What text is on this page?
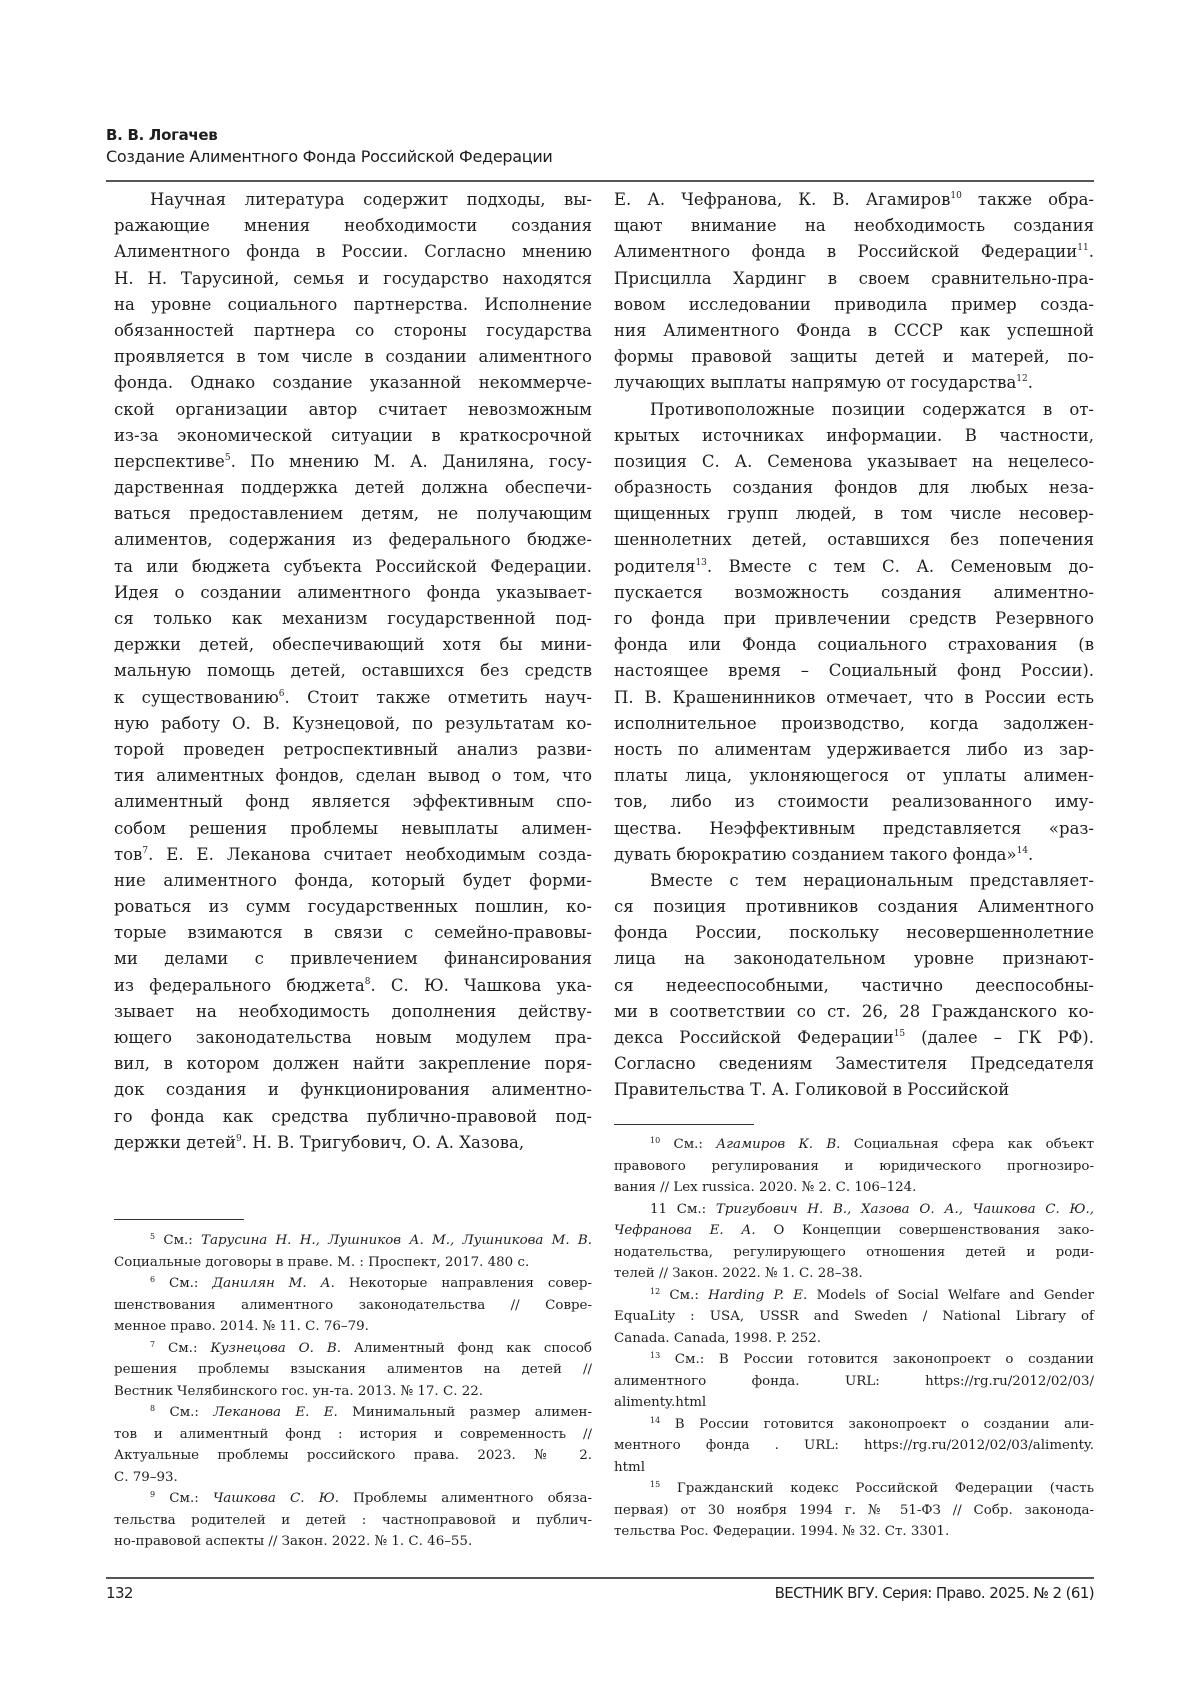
В. В. Логачев
Создание Алиментного Фонда Российской Федерации
Научная литература содержит подходы, вы-
ражающие мнения необходимости создания
Алиментного фонда в России. Согласно мнению
Н. Н. Тарусиной, семья и государство находятся
на уровне социального партнерства. Исполнение
обязанностей партнера со стороны государства
проявляется в том числе в создании алиментного
фонда. Однако создание указанной некоммерче-
ской организации автор считает невозможным
из-за экономической ситуации в краткосрочной
перспективе$^5$. По мнению М. А. Даниляна, госу-
дарственная поддержка детей должна обеспечи-
ваться предоставлением детям, не получающим
алиментов, содержания из федерального бюдже-
та или бюджета субъекта Российской Федерации.
Идея о создании алиментного фонда указывает-
ся только как механизм государственной под-
держки детей, обеспечивающий хотя бы мини-
мальную помощь детей, оставшихся без средств
к существованию$^6$. Стоит также отметить науч-
ную работу О. В. Кузнецовой, по результатам ко-
торой проведен ретроспективный анализ разви-
тия алиментных фондов, сделан вывод о том, что
алиментный фонд является эффективным спо-
собом решения проблемы невыплаты алимен-
тов$^7$. Е. Е. Леканова считает необходимым созда-
ние алиментного фонда, который будет форми-
роваться из сумм государственных пошлин, ко-
торые взимаются в связи с семейно-правовы-
ми делами с привлечением финансирования
из федерального бюджета$^8$. С. Ю. Чашкова ука-
зывает на необходимость дополнения действу-
ющего законодательства новым модулем пра-
вил, в котором должен найти закрепление поря-
док создания и функционирования алиментно-
го фонда как средства публично-правовой под-
держки детей$^9$. Н. В. Тригубович, О. А. Хазова,
Е. А. Чефранова, К. В. Агамиров$^{10}$ также обра-
щают внимание на необходимость создания
Алиментного фонда в Российской Федерации$^{11}$.
Присцилла Хардинг в своем сравнительно-пра-
вовом исследовании приводила пример созда-
ния Алиментного Фонда в СССР как успешной
формы правовой защиты детей и матерей, по-
лучающих выплаты напрямую от государства$^{12}$.
Противоположные позиции содержатся в от-
крытых источниках информации. В частности,
позиция С. А. Семенова указывает на нецелесо-
образность создания фондов для любых неза-
щищенных групп людей, в том числе несовер-
шеннолетних детей, оставшихся без попечения
родителя$^{13}$. Вместе с тем С. А. Семеновым до-
пускается возможность создания алиментно-
го фонда при привлечении средств Резервного
фонда или Фонда социального страхования (в
настоящее время – Социальный фонд России).
П. В. Крашенинников отмечает, что в России есть
исполнительное производство, когда задолжен-
ность по алиментам удерживается либо из зар-
платы лица, уклоняющегося от уплаты алимен-
тов, либо из стоимости реализованного иму-
щества. Неэффективным представляется «раз-
дувать бюрократию созданием такого фонда»$^{14}$.
Вместе с тем нерациональным представляет-
ся позиция противников создания Алиментного
фонда России, поскольку несовершеннолетние
лица на законодательном уровне признают-
ся недееспособными, частично дееспособны-
ми в соответствии со ст. 26, 28 Гражданского ко-
декса Российской Федерации$^{15}$ (далее – ГК РФ).
Согласно сведениям Заместителя Председателя
Правительства Т. А. Голиковой в Российской
$^5$ См.: Тарусина Н. Н., Лушников А. М., Лушникова М. В.
Социальные договоры в праве. М. : Проспект, 2017. 480 с.
$^6$ См.: Данилян М. А. Некоторые направления совер-
шенствования алиментного законодательства // Совре-
менное право. 2014. № 11. С. 76–79.
$^7$ См.: Кузнецова О. В. Алиментный фонд как способ
решения проблемы взыскания алиментов на детей //
Вестник Челябинского гос. ун-та. 2013. № 17. С. 22.
$^8$ См.: Леканова Е. Е. Минимальный размер алимен-
тов и алиментный фонд : история и современность //
Актуальные проблемы российского права. 2023. № 2.
С. 79–93.
$^9$ См.: Чашкова С. Ю. Проблемы алиментного обяза-
тельства родителей и детей : частноправовой и публич-
но-правовой аспекты // Закон. 2022. № 1. С. 46–55.
$^{10}$ См.: Агамиров К. В. Социальная сфера как объект
правового регулирования и юридического прогнозиро-
вания // Lex russica. 2020. № 2. С. 106–124.
11 См.: Тригубович Н. В., Хазова О. А., Чашкова С. Ю.,
Чефранова Е. А. О Концепции совершенствования зако-
нодательства, регулирующего отношения детей и роди-
телей // Закон. 2022. № 1. С. 28–38.
$^{12}$ См.: Harding P. E. Models of Social Welfare and Gender
EquaLity : USA, USSR and Sweden / National Library of
Canada. Canada, 1998. P. 252.
$^{13}$ См.: В России готовится законопроект о создании
алиментного фонда. URL: https://rg.ru/2012/02/03/
alimenty.html
$^{14}$ В России готовится законопроект о создании али-
ментного фонда . URL: https://rg.ru/2012/02/03/alimenty.
html
$^{15}$ Гражданский кодекс Российской Федерации (часть
первая) от 30 ноября 1994 г. № 51-ФЗ // Собр. законода-
тельства Рос. Федерации. 1994. № 32. Ст. 3301.
132	ВЕСТНИК ВГУ. Серия: Право. 2025. № 2 (61)
